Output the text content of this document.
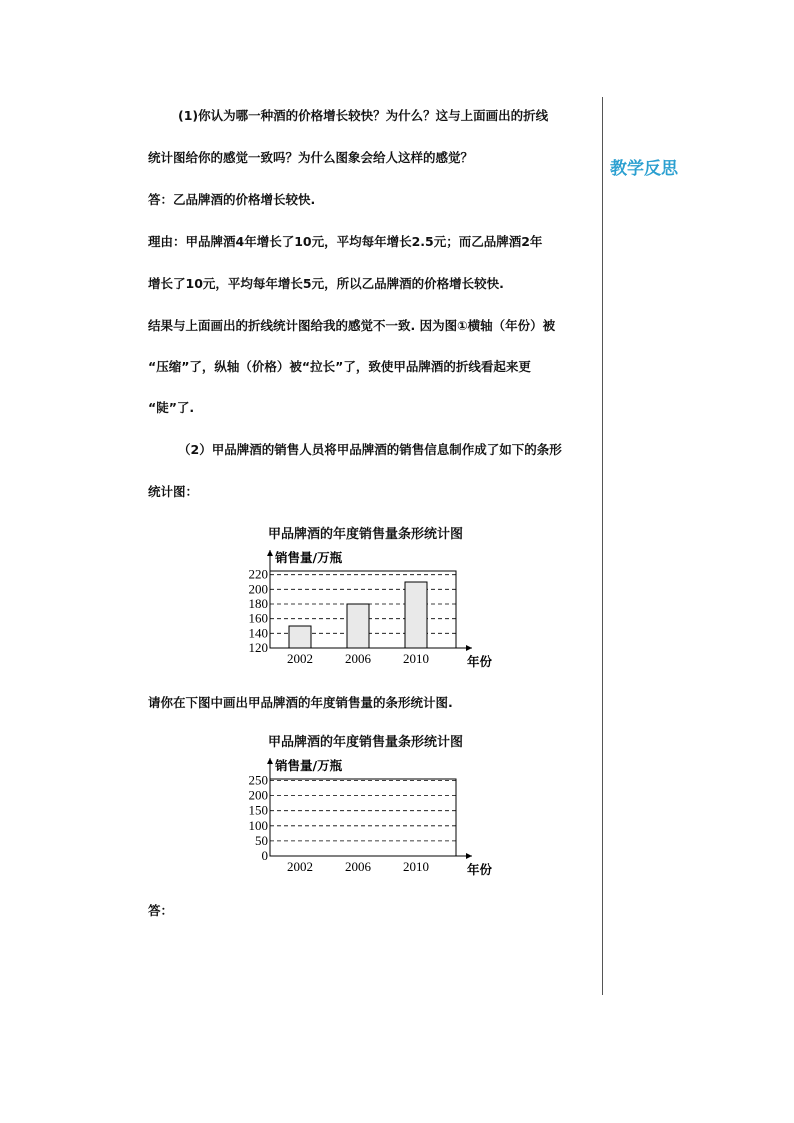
教学反思
(1)你认为哪一种酒的价格增长较快？为什么？这与上面画出的折线
统计图给你的感觉一致吗？为什么图象会给人这样的感觉？
答：乙品牌酒的价格增长较快.
理由：甲品牌酒4年增长了10元，平均每年增长2.5元；而乙品牌酒2年
增长了10元，平均每年增长5元，所以乙品牌酒的价格增长较快.
结果与上面画出的折线统计图给我的感觉不一致. 因为图①横轴（年份）被
“压缩”了，纵轴（价格）被“拉长”了，致使甲品牌酒的折线看起来更
“陡”了.
（2）甲品牌酒的销售人员将甲品牌酒的销售信息制作成了如下的条形
统计图：
甲品牌酒的年度销售量条形统计图
120
140
160
180
200
220
销售量/万瓶
年份
2002 2006 2010
请你在下图中画出甲品牌酒的年度销售量的条形统计图.
甲品牌酒的年度销售量条形统计图
0
50
100
150
200
250
销售量/万瓶
年份
2002 2006 2010
答：
